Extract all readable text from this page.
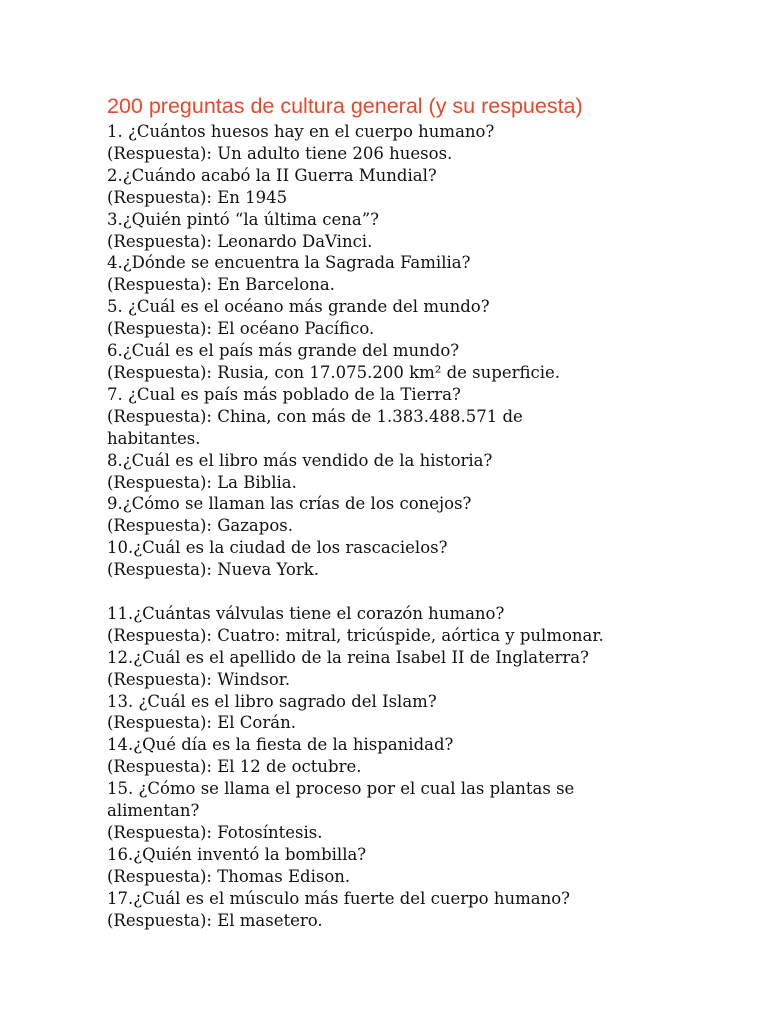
200 preguntas de cultura general (y su respuesta)
1. ¿Cuántos huesos hay en el cuerpo humano?
(Respuesta): Un adulto tiene 206 huesos.
2.¿Cuándo acabó la II Guerra Mundial?
(Respuesta): En 1945
3.¿Quién pintó “la última cena”?
(Respuesta): Leonardo DaVinci.
4.¿Dónde se encuentra la Sagrada Familia?
(Respuesta): En Barcelona.
5. ¿Cuál es el océano más grande del mundo?
(Respuesta): El océano Pacífico.
6.¿Cuál es el país más grande del mundo?
(Respuesta): Rusia, con 17.075.200 km² de superficie.
7. ¿Cual es país más poblado de la Tierra?
(Respuesta): China, con más de 1.383.488.571 de
habitantes.
8.¿Cuál es el libro más vendido de la historia?
(Respuesta): La Biblia.
9.¿Cómo se llaman las crías de los conejos?
(Respuesta): Gazapos.
10.¿Cuál es la ciudad de los rascacielos?
(Respuesta): Nueva York.
11.¿Cuántas válvulas tiene el corazón humano?
(Respuesta): Cuatro: mitral, tricúspide, aórtica y pulmonar.
12.¿Cuál es el apellido de la reina Isabel II de Inglaterra?
(Respuesta): Windsor.
13. ¿Cuál es el libro sagrado del Islam?
(Respuesta): El Corán.
14.¿Qué día es la fiesta de la hispanidad?
(Respuesta): El 12 de octubre.
15. ¿Cómo se llama el proceso por el cual las plantas se
alimentan?
(Respuesta): Fotosíntesis.
16.¿Quién inventó la bombilla?
(Respuesta): Thomas Edison.
17.¿Cuál es el músculo más fuerte del cuerpo humano?
(Respuesta): El masetero.
